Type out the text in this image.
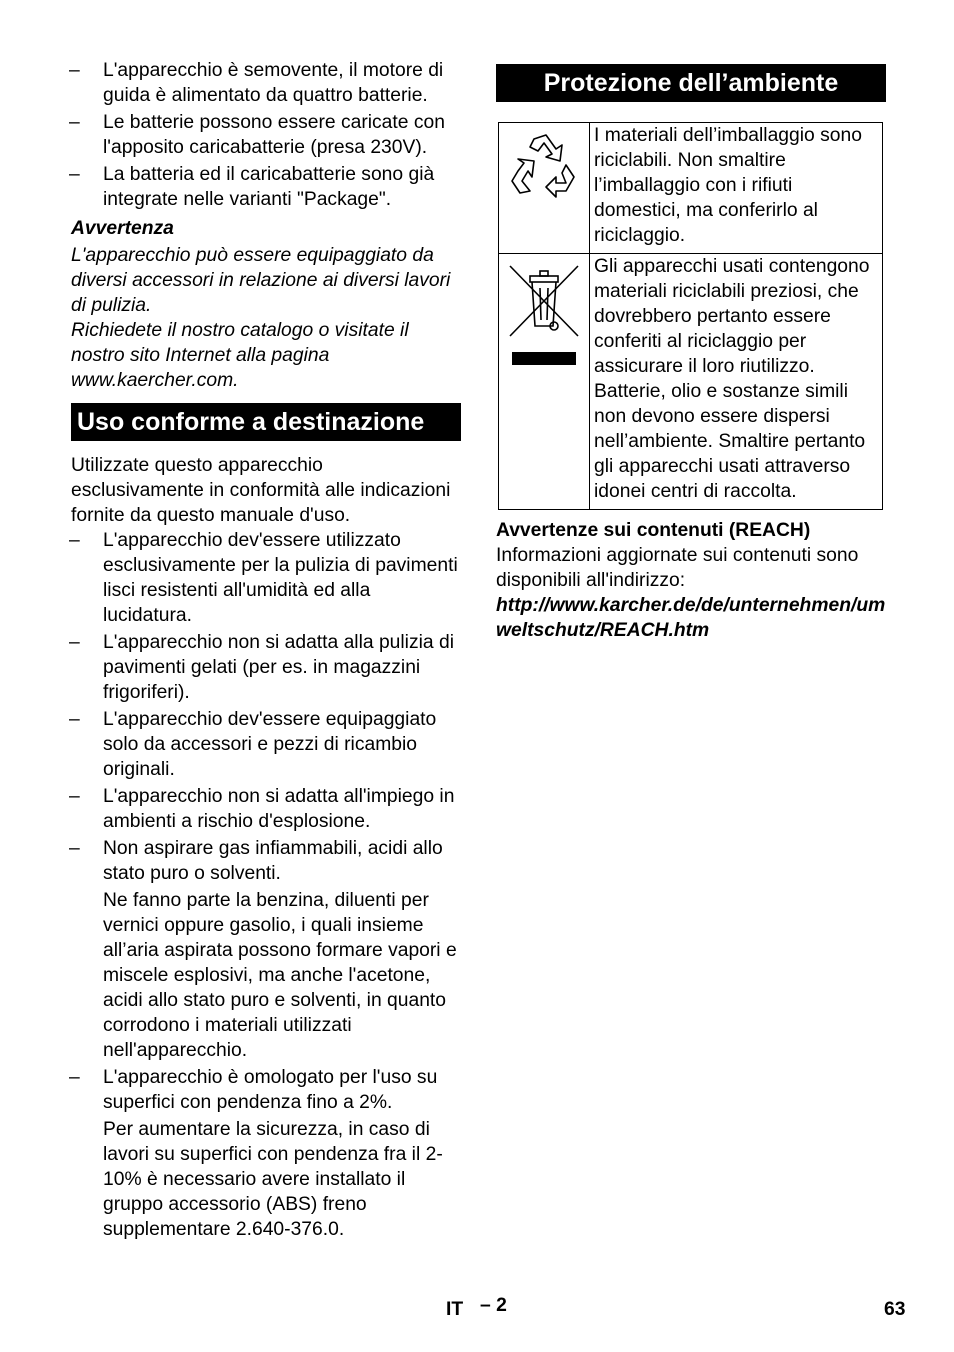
– L'apparecchio è semovente, il motore di guida è alimentato da quattro batterie.
– Le batterie possono essere caricate con l'apposito caricabatterie (presa 230V).
– La batteria ed il caricabatterie sono già integrate nelle varianti "Package".

Avvertenza

L'apparecchio può essere equipaggiato da diversi accessori in relazione ai diversi lavori di pulizia.

Richiedete il nostro catalogo o visitate il nostro sito Internet alla pagina www.kaercher.com.

Uso conforme a destinazione

Utilizzate questo apparecchio esclusivamente in conformità alle indicazioni fornite da questo manuale d'uso.

– L'apparecchio dev'essere utilizzato esclusivamente per la pulizia di pavimenti lisci resistenti all'umidità ed alla lucidatura.
– L'apparecchio non si adatta alla pulizia di pavimenti gelati (per es. in magazzini frigoriferi).
– L'apparecchio dev'essere equipaggiato solo da accessori e pezzi di ricambio originali.
– L'apparecchio non si adatta all'impiego in ambienti a rischio d'esplosione.
– Non aspirare gas infiammabili, acidi allo stato puro o solventi.

Ne fanno parte la benzina, diluenti per vernici oppure gasolio, i quali insieme all’aria aspirata possono formare vapori e miscele esplosivi, ma anche l'acetone, acidi allo stato puro e solventi, in quanto corrodono i materiali utilizzati nell'apparecchio.

– L'apparecchio è omologato per l'uso su superfici con pendenza fino a 2%.

Per aumentare la sicurezza, in caso di lavori su superfici con pendenza fra il 2-10% è necessario avere installato il gruppo accessorio (ABS) freno supplementare 2.640-376.0.

Protezione dell’ambiente
	I materiali dell’imballaggio sono riciclabili. Non smaltire l’imballaggio con i rifiuti domestici, ma conferirlo al riciclaggio.
	Gli apparecchi usati contengono materiali riciclabili preziosi, che dovrebbero pertanto essere conferiti al riciclaggio per assicurare il loro riutilizzo. Batterie, olio e sostanze simili non devono essere dispersi nell’ambiente. Smaltire pertanto gli apparecchi usati attraverso idonei centri di raccolta.

Avvertenze sui contenuti (REACH)

Informazioni aggiornate sui contenuti sono disponibili all'indirizzo:

http://www.karcher.de/de/unternehmen/umweltschutz/REACH.htm

IT – 2	63
